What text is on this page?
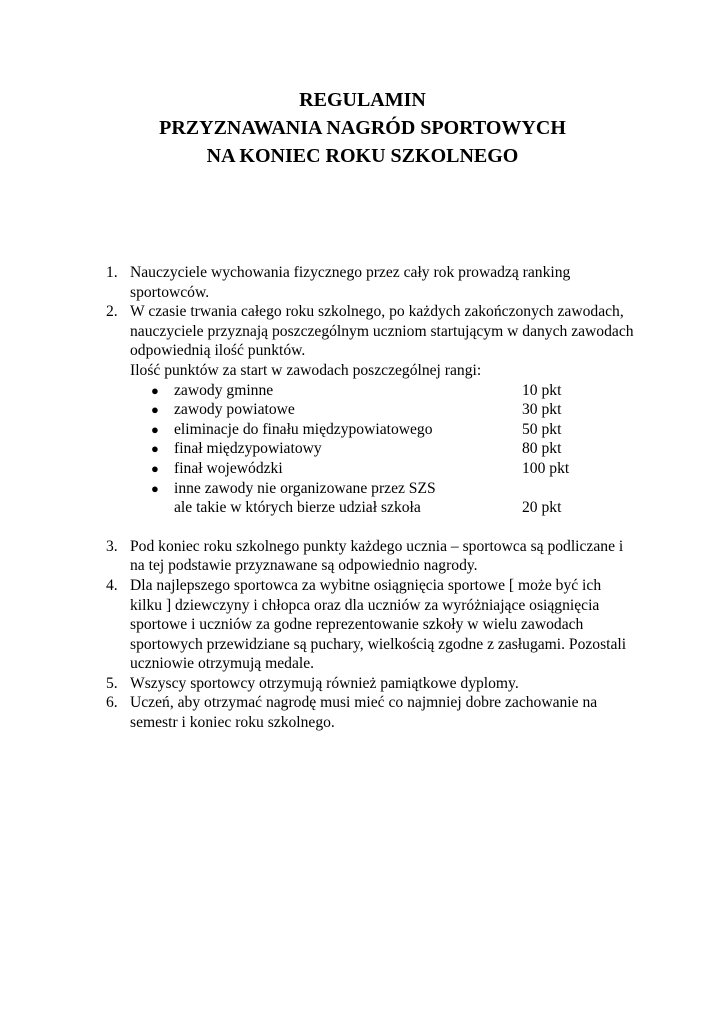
REGULAMIN
PRZYZNAWANIA NAGRÓD SPORTOWYCH
NA KONIEC ROKU SZKOLNEGO
1. Nauczyciele wychowania fizycznego przez cały rok prowadzą ranking sportowców.
2. W czasie trwania całego roku szkolnego, po każdych zakończonych zawodach, nauczyciele przyznają poszczególnym uczniom startującym w danych zawodach odpowiednią ilość punktów.
Ilość punktów za start w zawodach poszczególnej rangi:
● zawody gminne	10 pkt
● zawody powiatowe	30 pkt
● eliminacje do finału międzypowiatowego	50 pkt
● finał międzypowiatowy	80 pkt
● finał wojewódzki	100 pkt
● inne zawody nie organizowane przez SZS
ale takie w których bierze udział szkoła	20 pkt
3. Pod koniec roku szkolnego punkty każdego ucznia – sportowca są podliczane i na tej podstawie przyznawane są odpowiednio nagrody.
4. Dla najlepszego sportowca za wybitne osiągnięcia sportowe [ może być ich kilku ] dziewczyny i chłopca oraz dla uczniów za wyróżniające osiągnięcia sportowe i uczniów za godne reprezentowanie szkoły w wielu zawodach sportowych przewidziane są puchary, wielkością zgodne z zasługami. Pozostali uczniowie otrzymują medale.
5. Wszyscy sportowcy otrzymują również pamiątkowe dyplomy.
6. Uczeń, aby otrzymać nagrodę musi mieć co najmniej dobre zachowanie na semestr i koniec roku szkolnego.
